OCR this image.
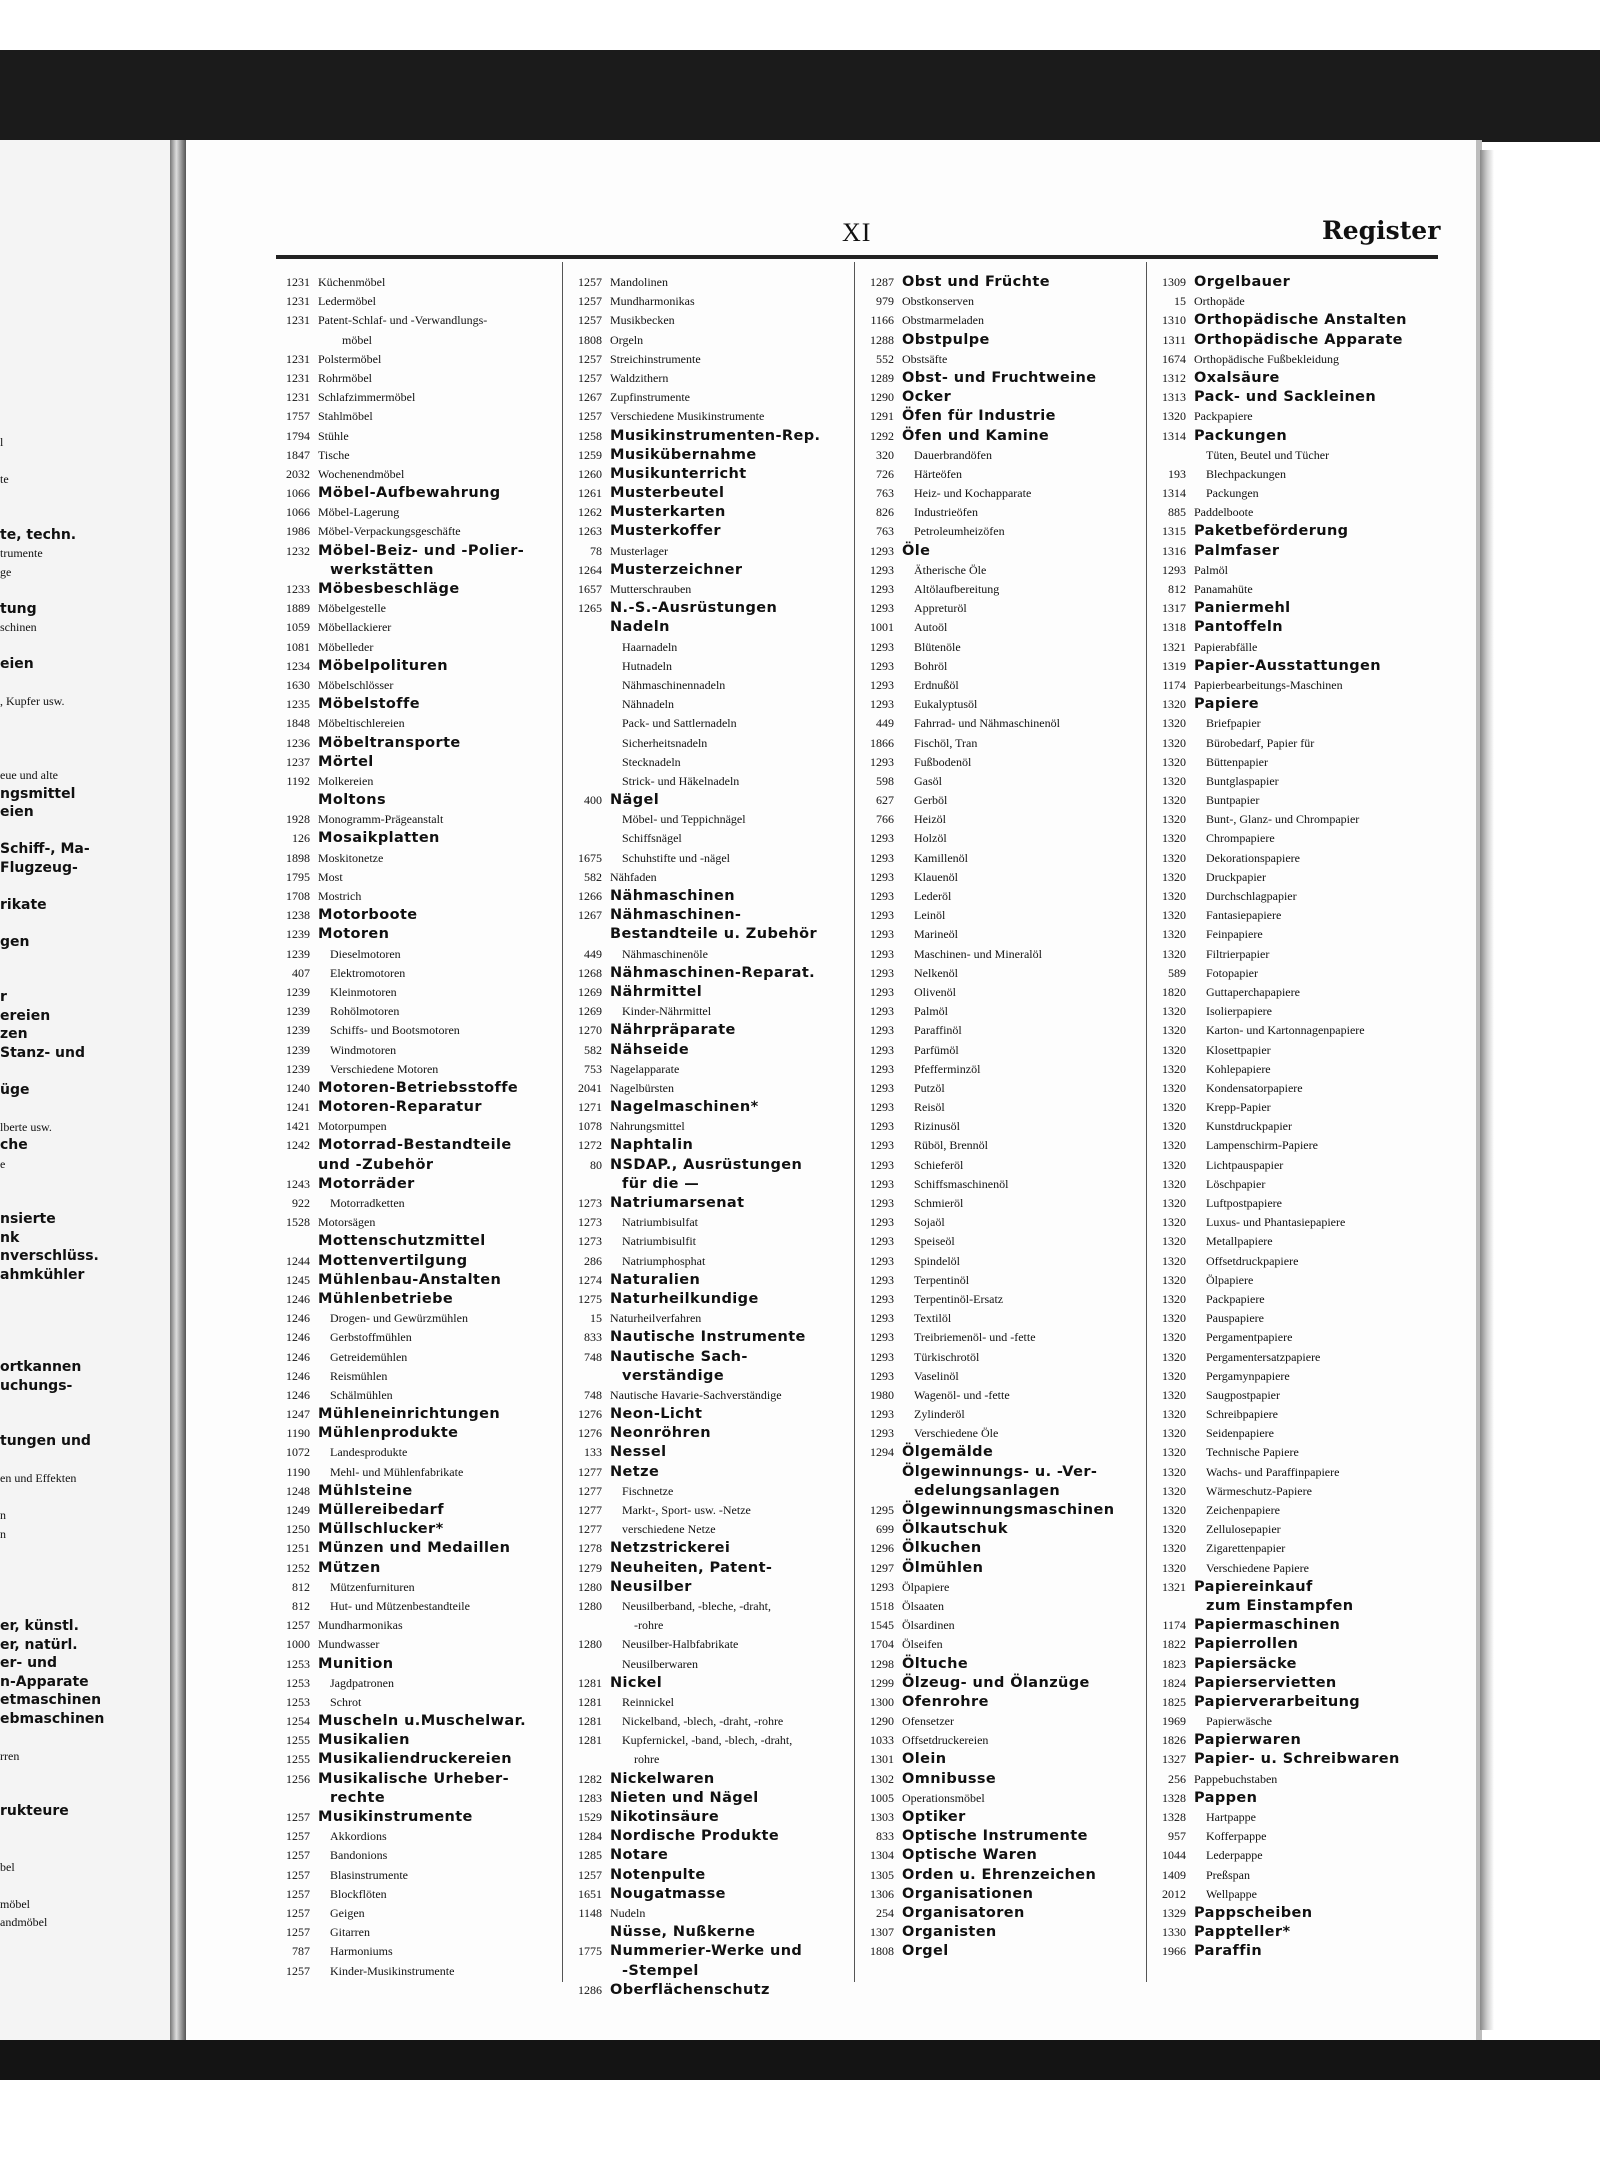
l
te
te, techn.
trumente
ge
tung
schinen
eien
, Kupfer usw.
eue und alte
ngsmittel
eien
Schiff-, Ma-
Flugzeug-
rikate
gen
r
ereien
zen
Stanz- und
üge
lberte usw.
che
e
nsierte
nk
nverschlüss.
ahmkühler
ortkannen
uchungs-
tungen und
en und Effekten
n
n
er, künstl.
er, natürl.
er- und
n-Apparate
etmaschinen
ebmaschinen
rren
rukteure
bel
möbel
andmöbel
XI	Register
1231 Küchenmöbel
1231 Ledermöbel
1231 Patent-Schlaf- und -Verwandlungs-
möbel
1231 Polstermöbel
1231 Rohrmöbel
1231 Schlafzimmermöbel
1757 Stahlmöbel
1794 Stühle
1847 Tische
2032 Wochenendmöbel
1066 Möbel-Aufbewahrung
1066 Möbel-Lagerung
1986 Möbel-Verpackungsgeschäfte
1232 Möbel-Beiz- und -Polier-
werkstätten
1233 Möbesbeschläge
1889 Möbelgestelle
1059 Möbellackierer
1081 Möbelleder
1234 Möbelpolituren
1630 Möbelschlösser
1235 Möbelstoffe
1848 Möbeltischlereien
1236 Möbeltransporte
1237 Mörtel
1192 Molkereien
Moltons
1928 Monogramm-Prägeanstalt
126 Mosaikplatten
1898 Moskitonetze
1795 Most
1708 Mostrich
1238 Motorboote
1239 Motoren
1239	Dieselmotoren
407	Elektromotoren
1239	Kleinmotoren
1239	Rohölmotoren
1239	Schiffs- und Bootsmotoren
1239	Windmotoren
1239	Verschiedene Motoren
1240 Motoren-Betriebsstoffe
1241 Motoren-Reparatur
1421 Motorpumpen
1242 Motorrad-Bestandteile
und -Zubehör
1243 Motorräder
922	Motorradketten
1528 Motorsägen
Mottenschutzmittel
1244 Mottenvertilgung
1245 Mühlenbau-Anstalten
1246 Mühlenbetriebe
1246	Drogen- und Gewürzmühlen
1246	Gerbstoffmühlen
1246	Getreidemühlen
1246	Reismühlen
1246	Schälmühlen
1247 Mühleneinrichtungen
1190 Mühlenprodukte
1072	Landesprodukte
1190	Mehl- und Mühlenfabrikate
1248 Mühlsteine
1249 Müllereibedarf
1250 Müllschlucker*
1251 Münzen und Medaillen
1252 Mützen
812	Mützenfurnituren
812	Hut- und Mützenbestandteile
1257 Mundharmonikas
1000 Mundwasser
1253 Munition
1253	Jagdpatronen
1253	Schrot
1254 Muscheln u.Muschelwar.
1255 Musikalien
1255 Musikaliendruckereien
1256 Musikalische Urheber-
rechte
1257 Musikinstrumente
1257	Akkordions
1257	Bandonions
1257	Blasinstrumente
1257	Blockflöten
1257	Geigen
1257	Gitarren
787	Harmoniums
1257	Kinder-Musikinstrumente
1257 Mandolinen
1257 Mundharmonikas
1257 Musikbecken
1808 Orgeln
1257 Streichinstrumente
1257 Waldzithern
1267 Zupfinstrumente
1257 Verschiedene Musikinstrumente
1258 Musikinstrumenten-Rep.
1259 Musikübernahme
1260 Musikunterricht
1261 Musterbeutel
1262 Musterkarten
1263 Musterkoffer
78 Musterlager
1264 Musterzeichner
1657 Mutterschrauben
1265 N.-S.-Ausrüstungen
Nadeln
Haarnadeln
Hutnadeln
Nähmaschinennadeln
Nähnadeln
Pack- und Sattlernadeln
Sicherheitsnadeln
Stecknadeln
Strick- und Häkelnadeln
400 Nägel
Möbel- und Teppichnägel
Schiffsnägel
1675	Schuhstifte und -nägel
582 Nähfaden
1266 Nähmaschinen
1267 Nähmaschinen-
Bestandteile u. Zubehör
449	Nähmaschinenöle
1268 Nähmaschinen-Reparat.
1269 Nährmittel
1269	Kinder-Nährmittel
1270 Nährpräparate
582 Nähseide
753 Nagelapparate
2041 Nagelbürsten
1271 Nagelmaschinen*
1078 Nahrungsmittel
1272 Naphtalin
80 NSDAP., Ausrüstungen
für die —
1273 Natriumarsenat
1273	Natriumbisulfat
1273	Natriumbisulfit
286	Natriumphosphat
1274 Naturalien
1275 Naturheilkundige
15 Naturheilverfahren
833 Nautische Instrumente
748 Nautische Sach-
verständige
748 Nautische Havarie-Sachverständige
1276 Neon-Licht
1276 Neonröhren
133 Nessel
1277 Netze
1277	Fischnetze
1277	Markt-, Sport- usw. -Netze
1277	verschiedene Netze
1278 Netzstrickerei
1279 Neuheiten, Patent-
1280 Neusilber
1280	Neusilberband, -bleche, -draht,
-rohre
1280	Neusilber-Halbfabrikate
Neusilberwaren
1281 Nickel
1281	Reinnickel
1281	Nickelband, -blech, -draht, -rohre
1281	Kupfernickel, -band, -blech, -draht,
rohre
1282 Nickelwaren
1283 Nieten und Nägel
1529 Nikotinsäure
1284 Nordische Produkte
1285 Notare
1257 Notenpulte
1651 Nougatmasse
1148 Nudeln
Nüsse, Nußkerne
1775 Nummerier-Werke und
-Stempel
1286 Oberflächenschutz
1287 Obst und Früchte
979 Obstkonserven
1166 Obstmarmeladen
1288 Obstpulpe
552 Obstsäfte
1289 Obst- und Fruchtweine
1290 Ocker
1291 Öfen für Industrie
1292 Öfen und Kamine
320	Dauerbrandöfen
726	Härteöfen
763	Heiz- und Kochapparate
826	Industrieöfen
763	Petroleumheizöfen
1293 Öle
1293	Ätherische Öle
1293	Altölaufbereitung
1293	Appreturöl
1001	Autoöl
1293	Blütenöle
1293	Bohröl
1293	Erdnußöl
1293	Eukalyptusöl
449	Fahrrad- und Nähmaschinenöl
1866	Fischöl, Tran
1293	Fußbodenöl
598	Gasöl
627	Gerböl
766	Heizöl
1293	Holzöl
1293	Kamillenöl
1293	Klauenöl
1293	Lederöl
1293	Leinöl
1293	Marineöl
1293	Maschinen- und Mineralöl
1293	Nelkenöl
1293	Olivenöl
1293	Palmöl
1293	Paraffinöl
1293	Parfümöl
1293	Pfefferminzöl
1293	Putzöl
1293	Reisöl
1293	Rizinusöl
1293	Rüböl, Brennöl
1293	Schieferöl
1293	Schiffsmaschinenöl
1293	Schmieröl
1293	Sojaöl
1293	Speiseöl
1293	Spindelöl
1293	Terpentinöl
1293	Terpentinöl-Ersatz
1293	Textilöl
1293	Treibriemenöl- und -fette
1293	Türkischrotöl
1293	Vaselinöl
1980	Wagenöl- und -fette
1293	Zylinderöl
1293	Verschiedene Öle
1294 Ölgemälde
Ölgewinnungs- u. -Ver-
edelungsanlagen
1295 Ölgewinnungsmaschinen
699 Ölkautschuk
1296 Ölkuchen
1297 Ölmühlen
1293 Ölpapiere
1518 Ölsaaten
1545 Ölsardinen
1704 Ölseifen
1298 Öltuche
1299 Ölzeug- und Ölanzüge
1300 Ofenrohre
1290 Ofensetzer
1033 Offsetdruckereien
1301 Olein
1302 Omnibusse
1005 Operationsmöbel
1303 Optiker
833 Optische Instrumente
1304 Optische Waren
1305 Orden u. Ehrenzeichen
1306 Organisationen
254 Organisatoren
1307 Organisten
1808 Orgel
1309 Orgelbauer
15 Orthopäde
1310 Orthopädische Anstalten
1311 Orthopädische Apparate
1674 Orthopädische Fußbekleidung
1312 Oxalsäure
1313 Pack- und Sackleinen
1320 Packpapiere
1314 Packungen
Tüten, Beutel und Tücher
193	Blechpackungen
1314	Packungen
885 Paddelboote
1315 Paketbeförderung
1316 Palmfaser
1293 Palmöl
812 Panamahüte
1317 Paniermehl
1318 Pantoffeln
1321 Papierabfälle
1319 Papier-Ausstattungen
1174 Papierbearbeitungs-Maschinen
1320 Papiere
1320	Briefpapier
1320	Bürobedarf, Papier für
1320	Büttenpapier
1320	Buntglaspapier
1320	Buntpapier
1320	Bunt-, Glanz- und Chrompapier
1320	Chrompapiere
1320	Dekorationspapiere
1320	Druckpapier
1320	Durchschlagpapier
1320	Fantasiepapiere
1320	Feinpapiere
1320	Filtrierpapier
589	Fotopapier
1820	Guttaperchapapiere
1320	Isolierpapiere
1320	Karton- und Kartonnagenpapiere
1320	Klosettpapier
1320	Kohlepapiere
1320	Kondensatorpapiere
1320	Krepp-Papier
1320	Kunstdruckpapier
1320	Lampenschirm-Papiere
1320	Lichtpauspapier
1320	Löschpapier
1320	Luftpostpapiere
1320	Luxus- und Phantasiepapiere
1320	Metallpapiere
1320	Offsetdruckpapiere
1320	Ölpapiere
1320	Packpapiere
1320	Pauspapiere
1320	Pergamentpapiere
1320	Pergamentersatzpapiere
1320	Pergamynpapiere
1320	Saugpostpapier
1320	Schreibpapiere
1320	Seidenpapiere
1320	Technische Papiere
1320	Wachs- und Paraffinpapiere
1320	Wärmeschutz-Papiere
1320	Zeichenpapiere
1320	Zellulosepapier
1320	Zigarettenpapier
1320	Verschiedene Papiere
1321 Papiereinkauf
zum Einstampfen
1174 Papiermaschinen
1822 Papierrollen
1823 Papiersäcke
1824 Papierservietten
1825 Papierverarbeitung
1969	Papierwäsche
1826 Papierwaren
1327 Papier- u. Schreibwaren
256 Pappebuchstaben
1328 Pappen
1328	Hartpappe
957	Kofferpappe
1044	Lederpappe
1409	Preßspan
2012	Wellpappe
1329 Pappscheiben
1330 Pappteller*
1966 Paraffin
